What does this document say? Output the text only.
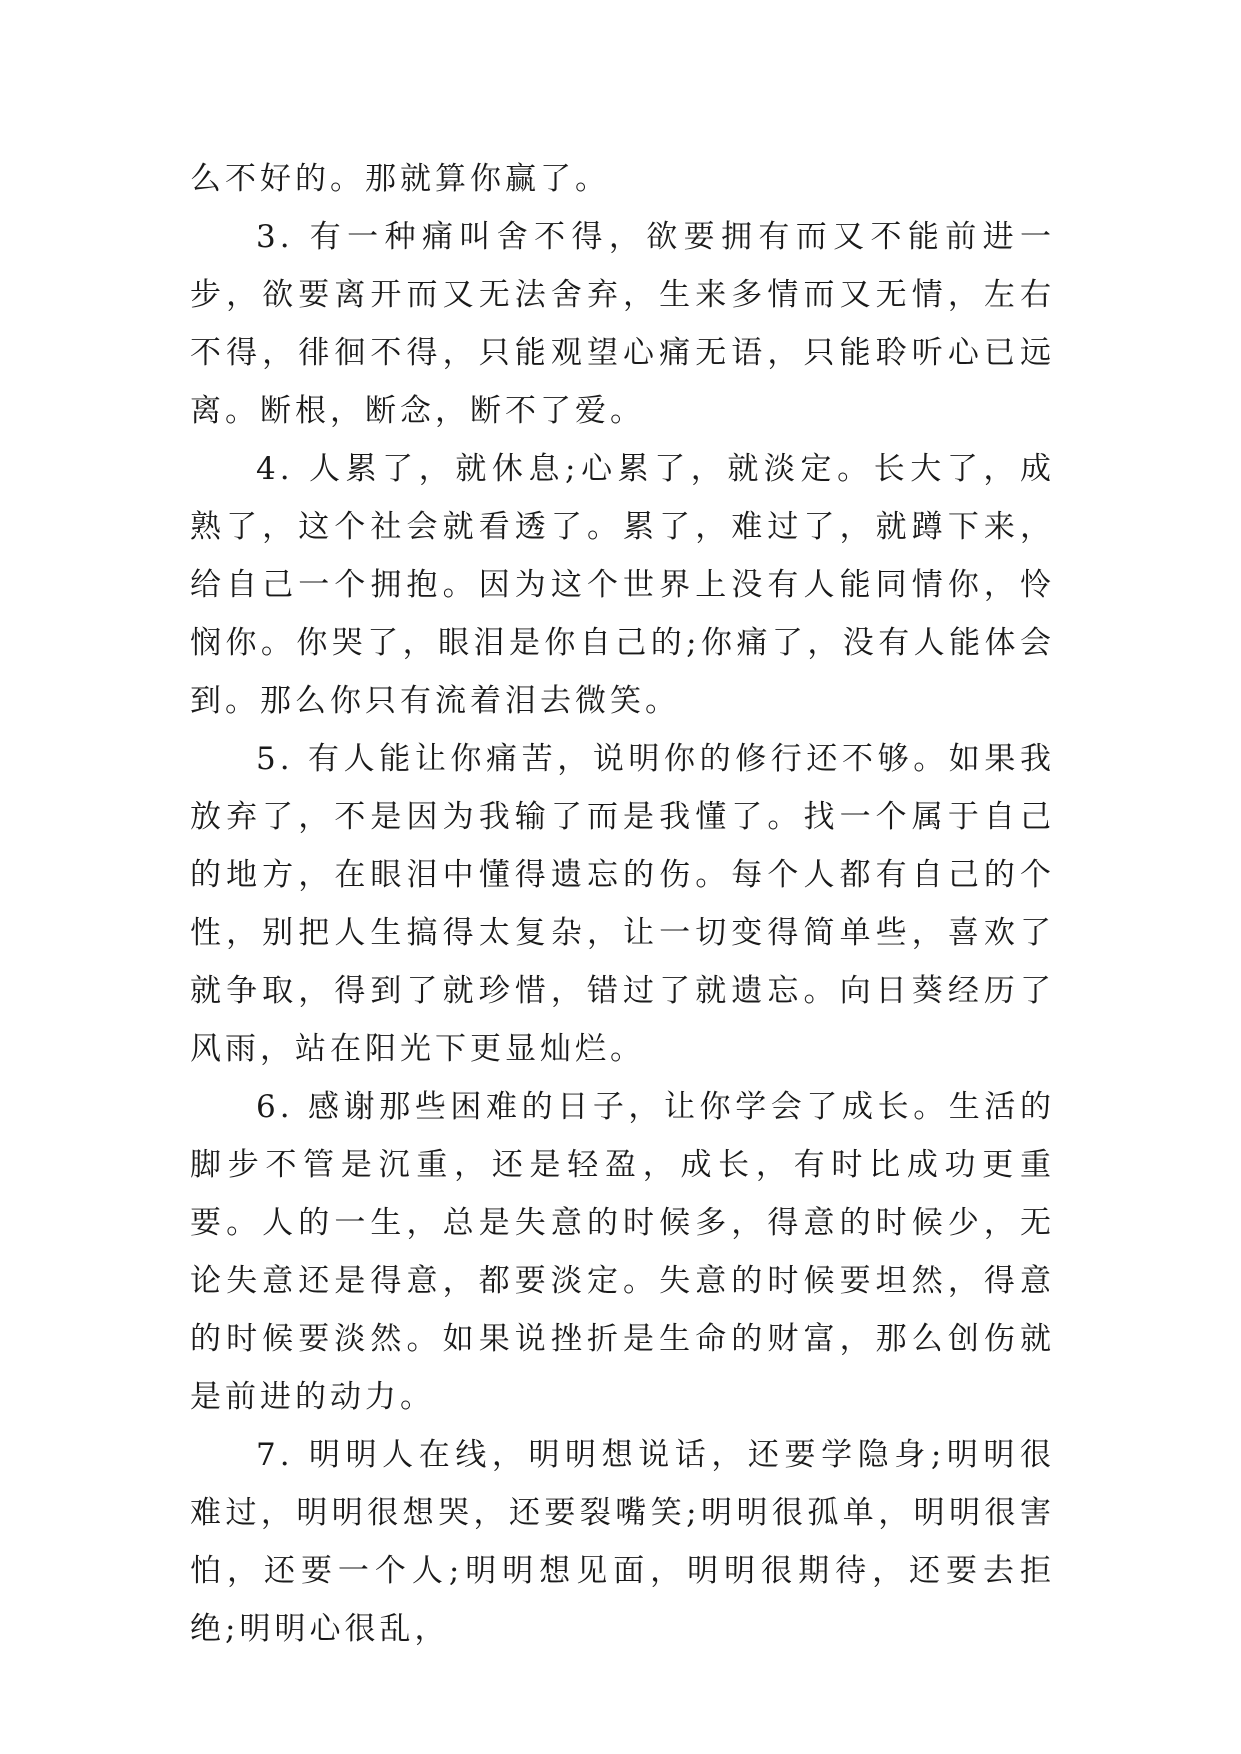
么不好的。那就算你赢了。

3. 有一种痛叫舍不得，欲要拥有而又不能前进一步，欲要离开而又无法舍弃，生来多情而又无情，左右不得，徘徊不得，只能观望心痛无语，只能聆听心已远离。断根，断念，断不了爱。

4. 人累了，就休息;心累了，就淡定。长大了，成熟了，这个社会就看透了。累了，难过了，就蹲下来，给自己一个拥抱。因为这个世界上没有人能同情你，怜悯你。你哭了，眼泪是你自己的;你痛了，没有人能体会到。那么你只有流着泪去微笑。

5. 有人能让你痛苦，说明你的修行还不够。如果我放弃了，不是因为我输了而是我懂了。找一个属于自己的地方，在眼泪中懂得遗忘的伤。每个人都有自己的个性，别把人生搞得太复杂，让一切变得简单些，喜欢了就争取，得到了就珍惜，错过了就遗忘。向日葵经历了风雨，站在阳光下更显灿烂。

6. 感谢那些困难的日子，让你学会了成长。生活的脚步不管是沉重，还是轻盈，成长，有时比成功更重要。人的一生，总是失意的时候多，得意的时候少，无论失意还是得意，都要淡定。失意的时候要坦然，得意的时候要淡然。如果说挫折是生命的财富，那么创伤就是前进的动力。

7. 明明人在线，明明想说话，还要学隐身;明明很难过，明明很想哭，还要裂嘴笑;明明很孤单，明明很害怕，还要一个人;明明想见面，明明很期待，还要去拒绝;明明心很乱，
